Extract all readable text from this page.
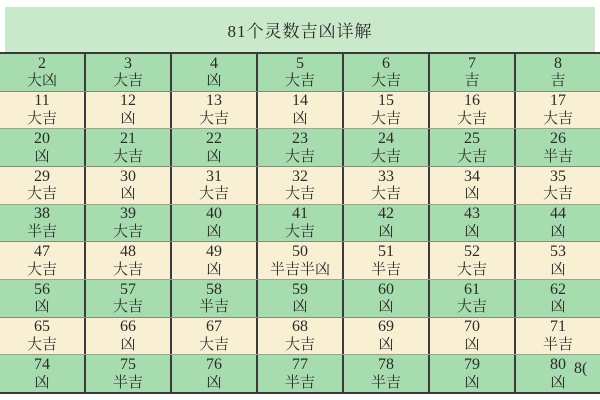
81个灵数吉凶详解
2
大凶
3
大吉
4
凶
5
大吉
6
大吉
7
吉
8
吉
11
大吉
12
凶
13
大吉
14
凶
15
大吉
16
大吉
17
大吉
20
凶
21
大吉
22
凶
23
大吉
24
大吉
25
大吉
26
半吉
29
大吉
30
凶
31
大吉
32
大吉
33
大吉
34
凶
35
大吉
38
半吉
39
大吉
40
凶
41
大吉
42
凶
43
凶
44
凶
47
大吉
48
大吉
49
凶
50
半吉半凶
51
半吉
52
大吉
53
凶
56
凶
57
大吉
58
半吉
59
凶
60
凶
61
大吉
62
凶
65
大吉
66
凶
67
大吉
68
大吉
69
凶
70
凶
71
半吉
74
凶
75
半吉
76
凶
77
半吉
78
半吉
79
凶
80
凶
8(
